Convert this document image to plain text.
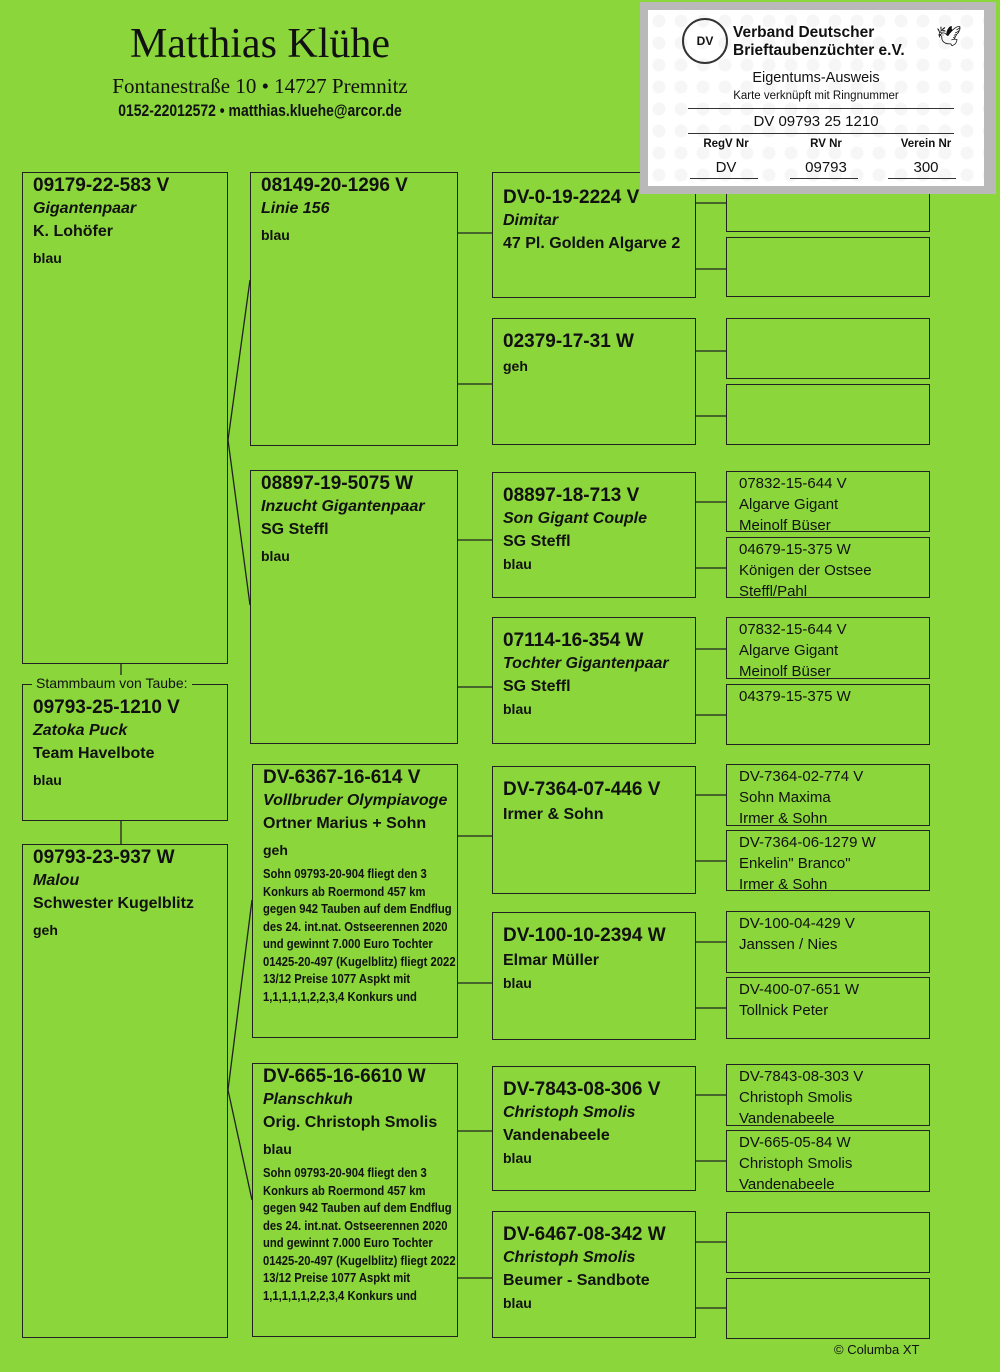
Matthias Klühe
Fontanestraße 10 • 14727 Premnitz
0152-22012572 • matthias.kluehe@arcor.de
09179-22-583 V
Gigantenpaar
K. Lohöfer
blau
09793-25-1210 V
Zatoka Puck
Team Havelbote
blau
Stammbaum von Taube:
09793-23-937 W
Malou
Schwester Kugelblitz
geh
08149-20-1296 V
Linie 156
blau
08897-19-5075 W
Inzucht Gigantenpaar
SG Steffl
blau
DV-6367-16-614 V
Vollbruder Olympiavoge
Ortner Marius + Sohn
geh
Sohn 09793-20-904 fliegt den 3 Konkurs ab Roermond 457 km gegen 942 Tauben auf dem Endflug des 24. int.nat. Ostseerennen 2020 und gewinnt 7.000 Euro Tochter 01425-20-497 (Kugelblitz) fliegt 2022 13/12 Preise 1077 Aspkt mit 1,1,1,1,1,2,2,3,4 Konkurs und
DV-665-16-6610 W
Planschkuh
Orig. Christoph Smolis
blau
Sohn 09793-20-904 fliegt den 3 Konkurs ab Roermond 457 km gegen 942 Tauben auf dem Endflug des 24. int.nat. Ostseerennen 2020 und gewinnt 7.000 Euro Tochter 01425-20-497 (Kugelblitz) fliegt 2022 13/12 Preise 1077 Aspkt mit 1,1,1,1,1,2,2,3,4 Konkurs und
DV-0-19-2224 V
Dimitar
47 Pl. Golden Algarve 2
02379-17-31 W
geh
08897-18-713 V
Son Gigant Couple
SG Steffl
blau
07114-16-354 W
Tochter Gigantenpaar
SG Steffl
blau
DV-7364-07-446 V
Irmer & Sohn
DV-100-10-2394 W
Elmar Müller
blau
DV-7843-08-306 V
Christoph Smolis
Vandenabeele
blau
DV-6467-08-342 W
Christoph Smolis
Beumer - Sandbote
blau
07832-15-644 V
Algarve Gigant
Meinolf Büser
04679-15-375 W
Königen der Ostsee
Steffl/Pahl
07832-15-644 V
Algarve Gigant
Meinolf Büser
04379-15-375 W
DV-7364-02-774 V
Sohn Maxima
Irmer & Sohn
DV-7364-06-1279 W
Enkelin" Branco"
Irmer & Sohn
DV-100-04-429 V
Janssen / Nies
DV-400-07-651 W
Tollnick Peter
DV-7843-08-303 V
Christoph Smolis
Vandenabeele
DV-665-05-84 W
Christoph Smolis
Vandenabeele
DV	Verband Deutscher
Brieftaubenzüchter e.V.
🕊
Eigentums-Ausweis
Karte verknüpft mit Ringnummer
DV 09793 25 1210
RegV Nr	RV Nr	Verein Nr
DV	09793	300
© Columba XT
